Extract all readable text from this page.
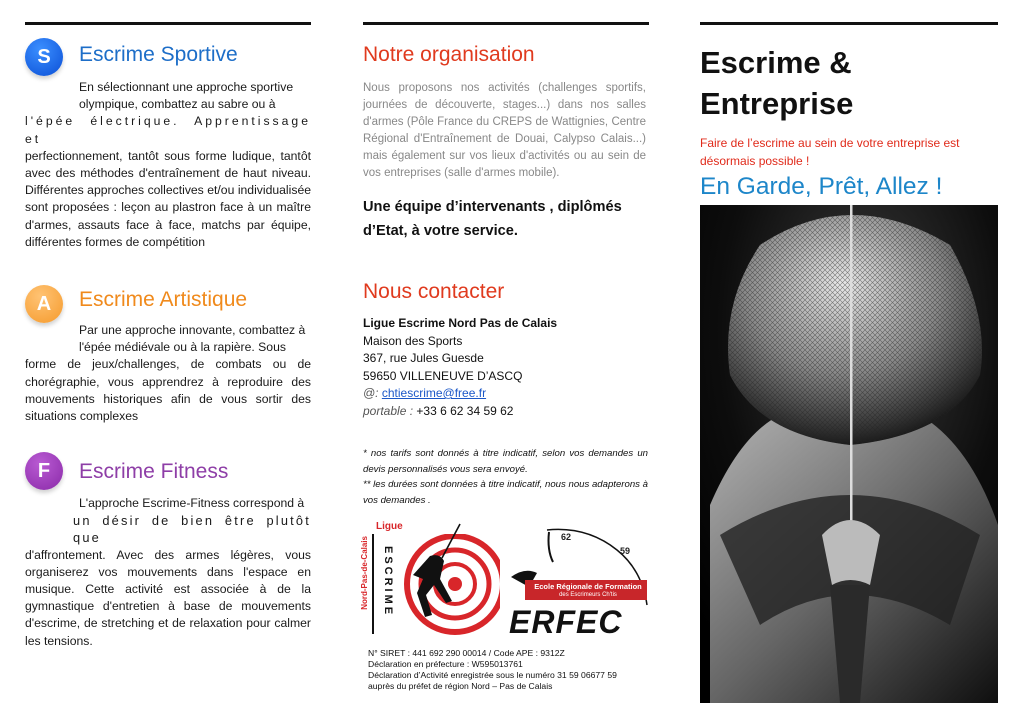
S	Escrime Sportive
En sélectionnant une approche sportive
olympique, combattez au sabre ou à
l'épée électrique. Apprentissage et
perfectionnement, tantôt sous forme ludique, tantôt avec des méthodes d'entraînement de haut niveau. Différentes approches collectives et/ou individualisée sont proposées : leçon au plastron face à un maître d'armes, assauts face à face, matchs par équipe, différentes formes de compétition
A	Escrime Artistique
Par une approche innovante, combattez à
l'épée médiévale ou à la rapière. Sous
forme de jeux/challenges, de combats ou de chorégraphie, vous apprendrez à reproduire des mouvements historiques afin de vous sortir des situations complexes
F	Escrime Fitness
L'approche Escrime-Fitness correspond à
un désir de bien être plutôt que
d'affrontement. Avec des armes légères, vous organiserez vos mouvements dans l'espace en musique. Cette activité est associée à de la gymnastique d'entretien à base de mouvements d'escrime, de stretching et de relaxation pour calmer les tensions.
Notre organisation
Nous proposons nos activités (challenges sportifs, journées de découverte, stages...) dans nos salles d'armes (Pôle France du CREPS de Wattignies, Centre Régional d'Entraînement de Douai, Calypso Calais...) mais également sur vos lieux d'activités ou au sein de vos entreprises (salle d'armes mobile).
Une équipe d’intervenants , diplômés d’Etat, à votre service.
Nous contacter
Ligue Escrime Nord Pas de Calais
Maison des Sports
367, rue Jules Guesde
59650 VILLENEUVE D’ASCQ
@: chtiescrime@free.fr
portable : +33 6 62 34 59 62
* nos tarifs sont donnés à titre indicatif, selon vos demandes un devis personnalisés vous sera envoyé.
** les durées sont données à titre indicatif, nous nous adapterons à vos demandes .
Ligue
ESCRIME
Nord-Pas-de-Calais	62
59
Ecole Régionale de Formation
des Escrimeurs Ch'tis
ERFEC
N° SIRET : 441 692 290 00014 / Code APE : 9312Z
Déclaration en préfecture : W595013761
Déclaration d’Activité enregistrée sous le numéro 31 59 06677 59
auprès du préfet de région Nord – Pas de Calais
Escrime &
Entreprise
Faire de l’escrime au sein de votre entreprise est désormais possible !
En Garde, Prêt, Allez !
